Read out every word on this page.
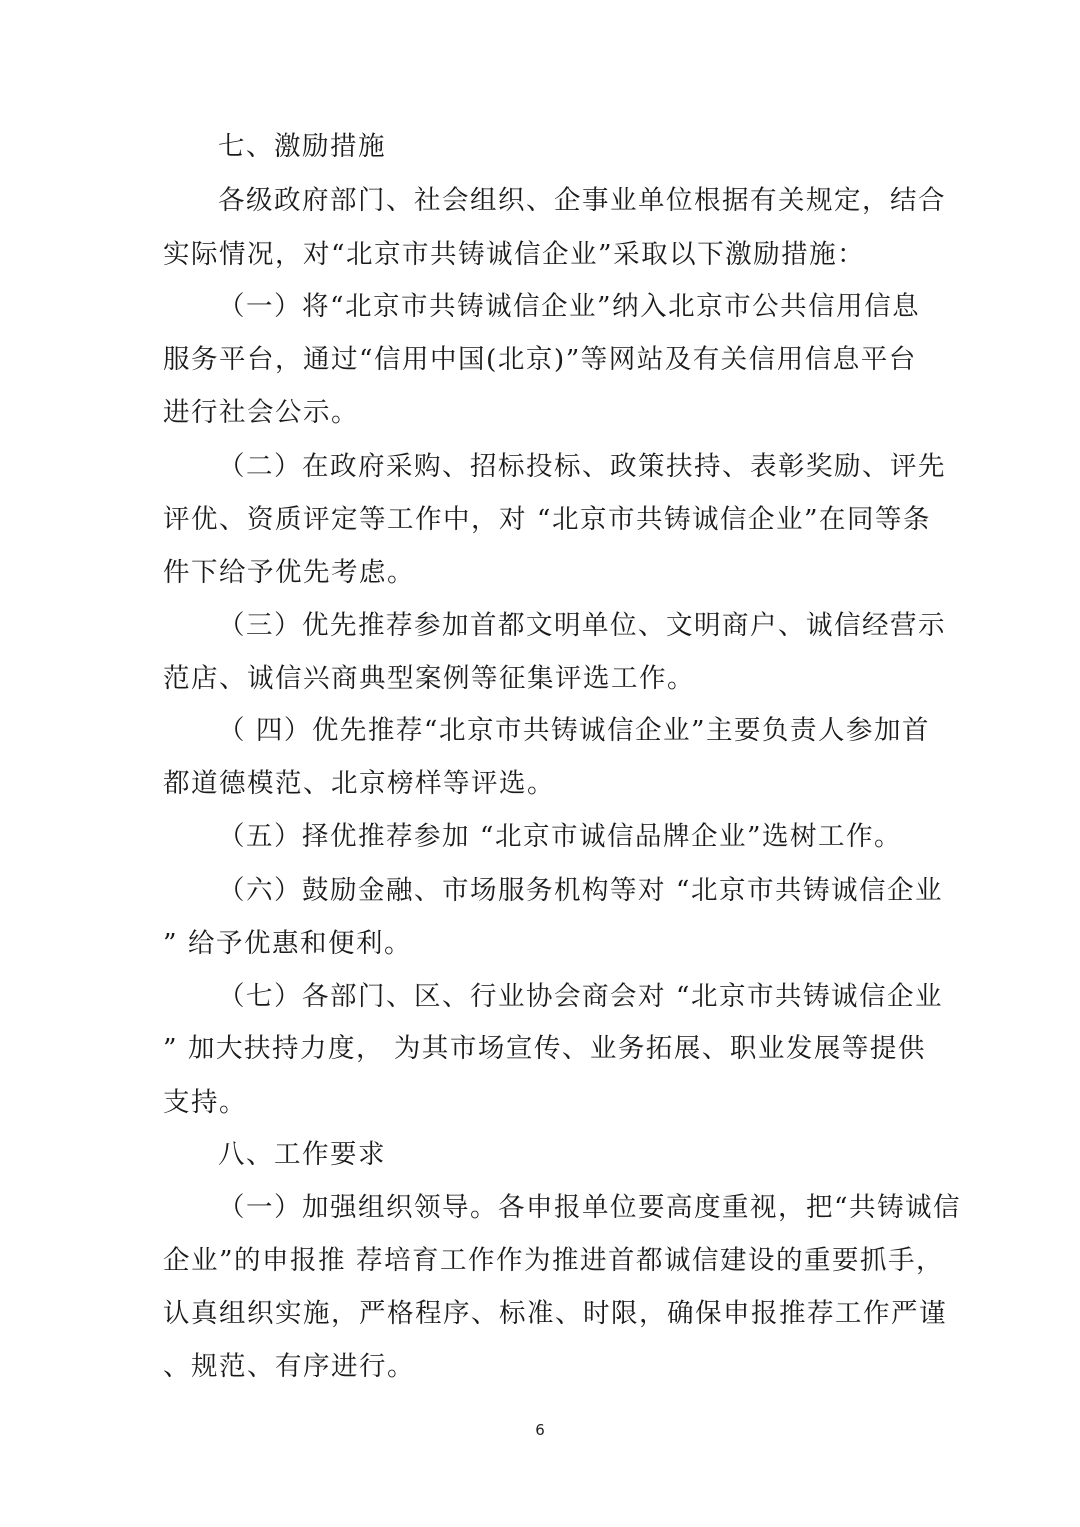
七、激励措施
各级政府部门、社会组织、企事业单位根据有关规定，结合
实际情况，对“北京市共铸诚信企业”采取以下激励措施：
（一）将“北京市共铸诚信企业”纳入北京市公共信用信息
服务平台，通过“信用中国(北京)”等网站及有关信用信息平台
进行社会公示。
（二）在政府采购、招标投标、政策扶持、表彰奖励、评先
评优、资质评定等工作中，对 “北京市共铸诚信企业”在同等条
件下给予优先考虑。
（三）优先推荐参加首都文明单位、文明商户、诚信经营示
范店、诚信兴商典型案例等征集评选工作。
（ 四）优先推荐“北京市共铸诚信企业”主要负责人参加首
都道德模范、北京榜样等评选。
（五）择优推荐参加 “北京市诚信品牌企业”选树工作。
（六）鼓励金融、市场服务机构等对 “北京市共铸诚信企业
” 给予优惠和便利。
（七）各部门、区、行业协会商会对 “北京市共铸诚信企业
” 加大扶持力度， 为其市场宣传、业务拓展、职业发展等提供
支持。
八、工作要求
（一）加强组织领导。各申报单位要高度重视，把“共铸诚信
企业”的申报推 荐培育工作作为推进首都诚信建设的重要抓手，
认真组织实施，严格程序、标准、时限，确保申报推荐工作严谨
、规范、有序进行。
6
